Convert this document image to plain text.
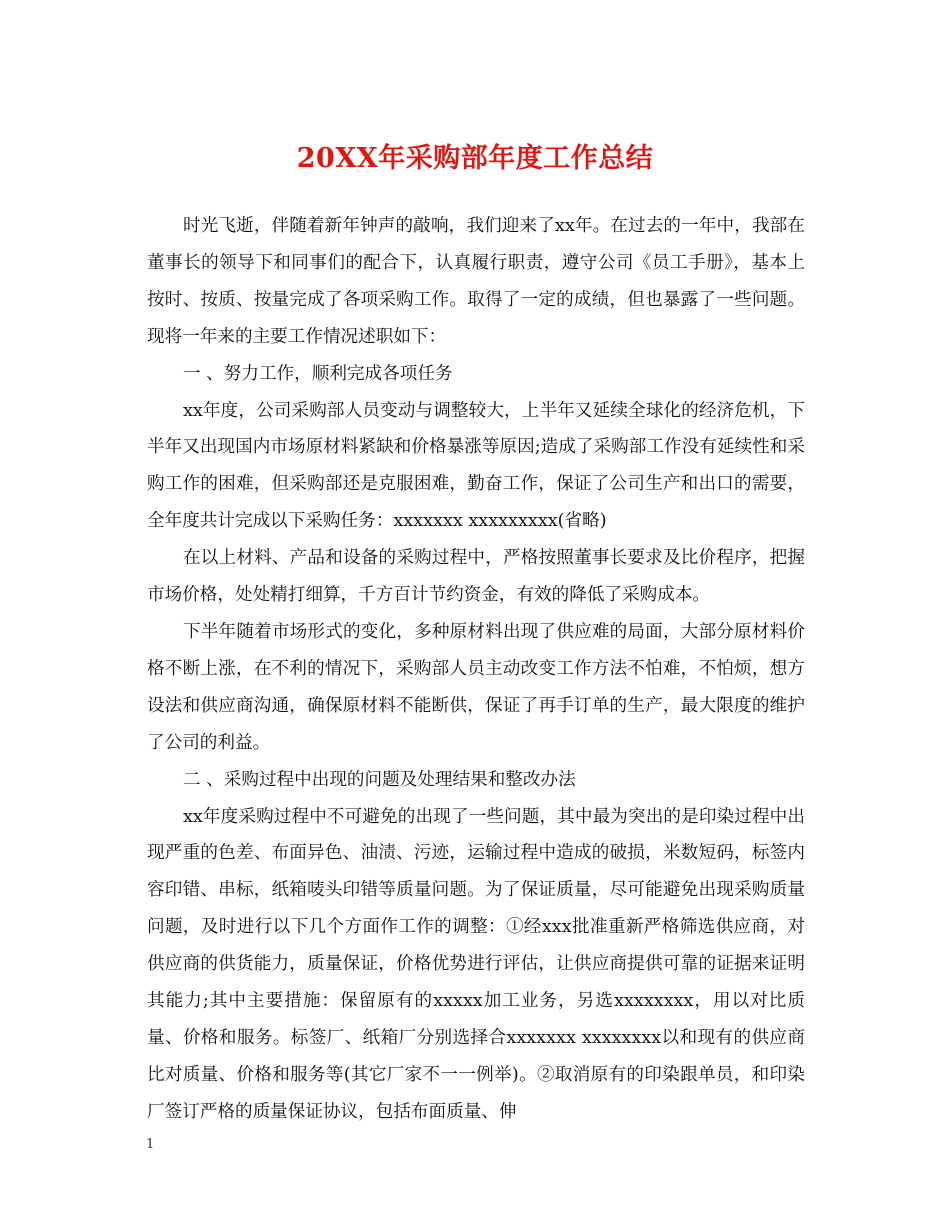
20XX年采购部年度工作总结

时光飞逝，伴随着新年钟声的敲响，我们迎来了xx年。在过去的一年中，我部在董事长的领导下和同事们的配合下，认真履行职责，遵守公司《员工手册》，基本上按时、按质、按量完成了各项采购工作。取得了一定的成绩，但也暴露了一些问题。现将一年来的主要工作情况述职如下：

一 、努力工作，顺利完成各项任务

xx年度，公司采购部人员变动与调整较大，上半年又延续全球化的经济危机，下半年又出现国内市场原材料紧缺和价格暴涨等原因;造成了采购部工作没有延续性和采购工作的困难，但采购部还是克服困难，勤奋工作，保证了公司生产和出口的需要，全年度共计完成以下采购任务：xxxxxxx xxxxxxxxx(省略)

在以上材料、产品和设备的采购过程中，严格按照董事长要求及比价程序，把握市场价格，处处精打细算，千方百计节约资金，有效的降低了采购成本。

下半年随着市场形式的变化，多种原材料出现了供应难的局面，大部分原材料价格不断上涨，在不利的情况下，采购部人员主动改变工作方法不怕难，不怕烦，想方设法和供应商沟通，确保原材料不能断供，保证了再手订单的生产，最大限度的维护了公司的利益。

二 、采购过程中出现的问题及处理结果和整改办法

xx年度采购过程中不可避免的出现了一些问题，其中最为突出的是印染过程中出现严重的色差、布面异色、油渍、污迹，运输过程中造成的破损，米数短码，标签内容印错、串标，纸箱唛头印错等质量问题。为了保证质量，尽可能避免出现采购质量问题，及时进行以下几个方面作工作的调整：①经xxx批准重新严格筛选供应商，对供应商的供货能力，质量保证，价格优势进行评估，让供应商提供可靠的证据来证明其能力;其中主要措施：保留原有的xxxxx加工业务，另选xxxxxxxx，用以对比质量、价格和服务。标签厂、纸箱厂分别选择合xxxxxxx xxxxxxxx以和现有的供应商比对质量、价格和服务等(其它厂家不一一例举)。②取消原有的印染跟单员，和印染厂签订严格的质量保证协议，包括布面质量、伸

1
